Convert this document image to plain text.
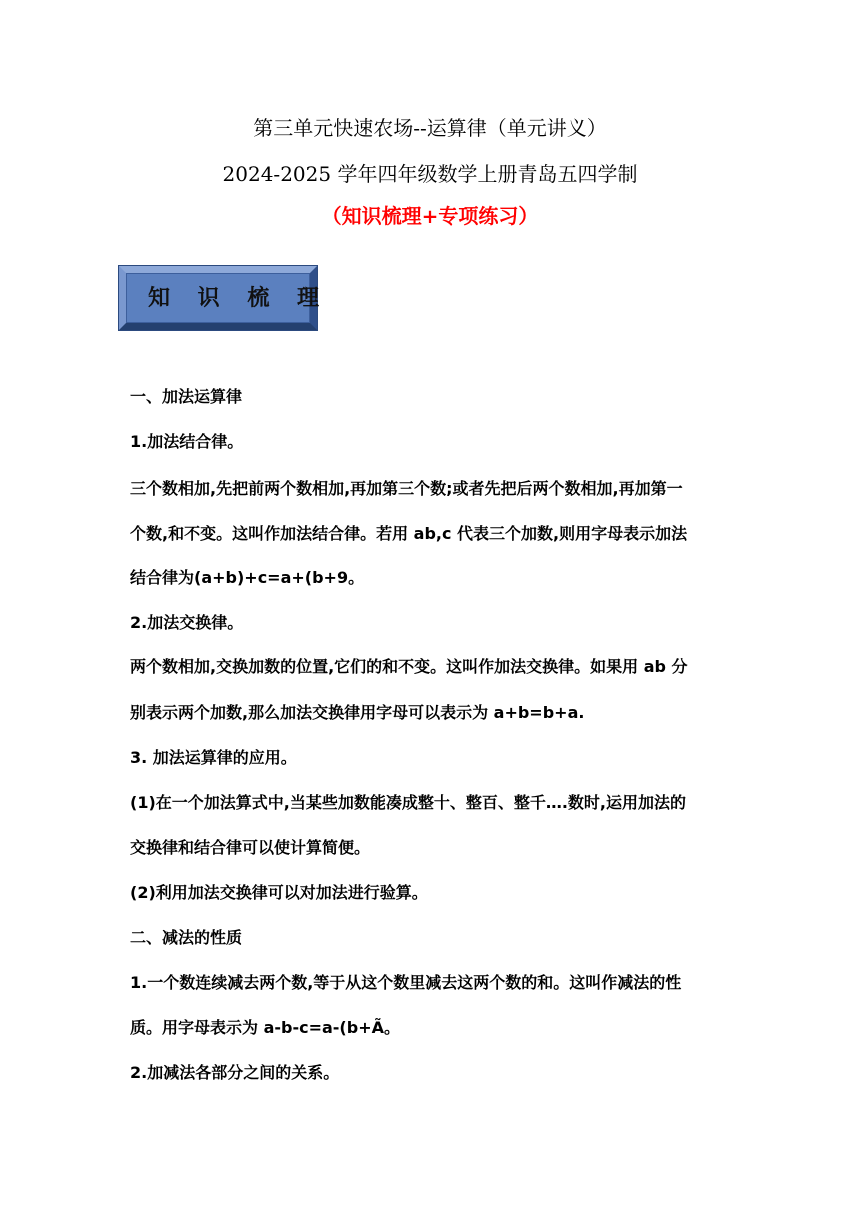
第三单元快速农场--运算律（单元讲义）
2024-2025 学年四年级数学上册青岛五四学制
（知识梳理+专项练习）
知 识 梳 理
一、加法运算律
1.加法结合律。
三个数相加,先把前两个数相加,再加第三个数;或者先把后两个数相加,再加第一
个数,和不变。这叫作加法结合律。若用 ab,c 代表三个加数,则用字母表示加法
结合律为(a+b)+c=a+(b+9。
2.加法交换律。
两个数相加,交换加数的位置,它们的和不变。这叫作加法交换律。如果用 ab 分
别表示两个加数,那么加法交换律用字母可以表示为 a+b=b+a.
3. 加法运算律的应用。
(1)在一个加法算式中,当某些加数能凑成整十、整百、整千….数时,运用加法的
交换律和结合律可以使计算简便。
(2)利用加法交换律可以对加法进行验算。
二、减法的性质
1.一个数连续减去两个数,等于从这个数里减去这两个数的和。这叫作减法的性
质。用字母表示为 a-b-c=a-(b+Ã。
2.加减法各部分之间的关系。
